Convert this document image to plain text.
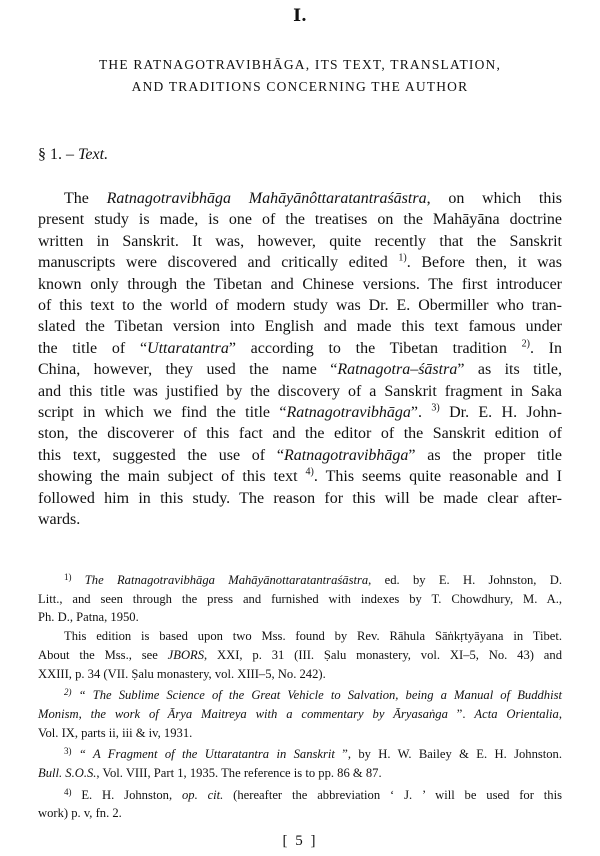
I.
THE RATNAGOTRAVIBHĀGA, ITS TEXT, TRANSLATION,
AND TRADITIONS CONCERNING THE AUTHOR
§ 1. – Text.
The Ratnagotravibhāga Mahāyānôttaratantraśāstra, on which this
present study is made, is one of the treatises on the Mahāyāna doctrine
written in Sanskrit. It was, however, quite recently that the Sanskrit
manuscripts were discovered and critically edited $^{1)}$. Before then, it was
known only through the Tibetan and Chinese versions. The first introducer
of this text to the world of modern study was Dr. E. Obermiller who tran-
slated the Tibetan version into English and made this text famous under
the title of “Uttaratantra” according to the Tibetan tradition $^{2)}$. In
China, however, they used the name “Ratnagotra–śāstra” as its title,
and this title was justified by the discovery of a Sanskrit fragment in Saka
script in which we find the title “Ratnagotravibhāga”. $^{3)}$ Dr. E. H. John-
ston, the discoverer of this fact and the editor of the Sanskrit edition of
this text, suggested the use of “Ratnagotravibhāga” as the proper title
showing the main subject of this text $^{4)}$. This seems quite reasonable and I
followed him in this study. The reason for this will be made clear after-
wards.
$^{1)}$ The Ratnagotravibhāga Mahāyānottaratantraśāstra, ed. by E. H. Johnston, D.
Litt., and seen through the press and furnished with indexes by T. Chowdhury, M. A.,
Ph. D., Patna, 1950.
This edition is based upon two Mss. found by Rev. Rāhula Sāṅkṛtyāyana in Tibet.
About the Mss., see JBORS, XXI, p. 31 (III. Ṣalu monastery, vol. XI–5, No. 43) and
XXIII, p. 34 (VII. Ṣalu monastery, vol. XIII–5, No. 242).
$^{2)}$ “ The Sublime Science of the Great Vehicle to Salvation, being a Manual of Buddhist
Monism, the work of Ārya Maitreya with a commentary by Āryasaṅga ”. Acta Orientalia,
Vol. IX, parts ii, iii & iv, 1931.
$^{3)}$ “ A Fragment of the Uttaratantra in Sanskrit ”, by H. W. Bailey & E. H. Johnston.
Bull. S.O.S., Vol. VIII, Part 1, 1935. The reference is to pp. 86 & 87.
$^{4)}$ E. H. Johnston, op. cit. (hereafter the abbreviation ‘ J. ’ will be used for this
work) p. v, fn. 2.
[ 5 ]
